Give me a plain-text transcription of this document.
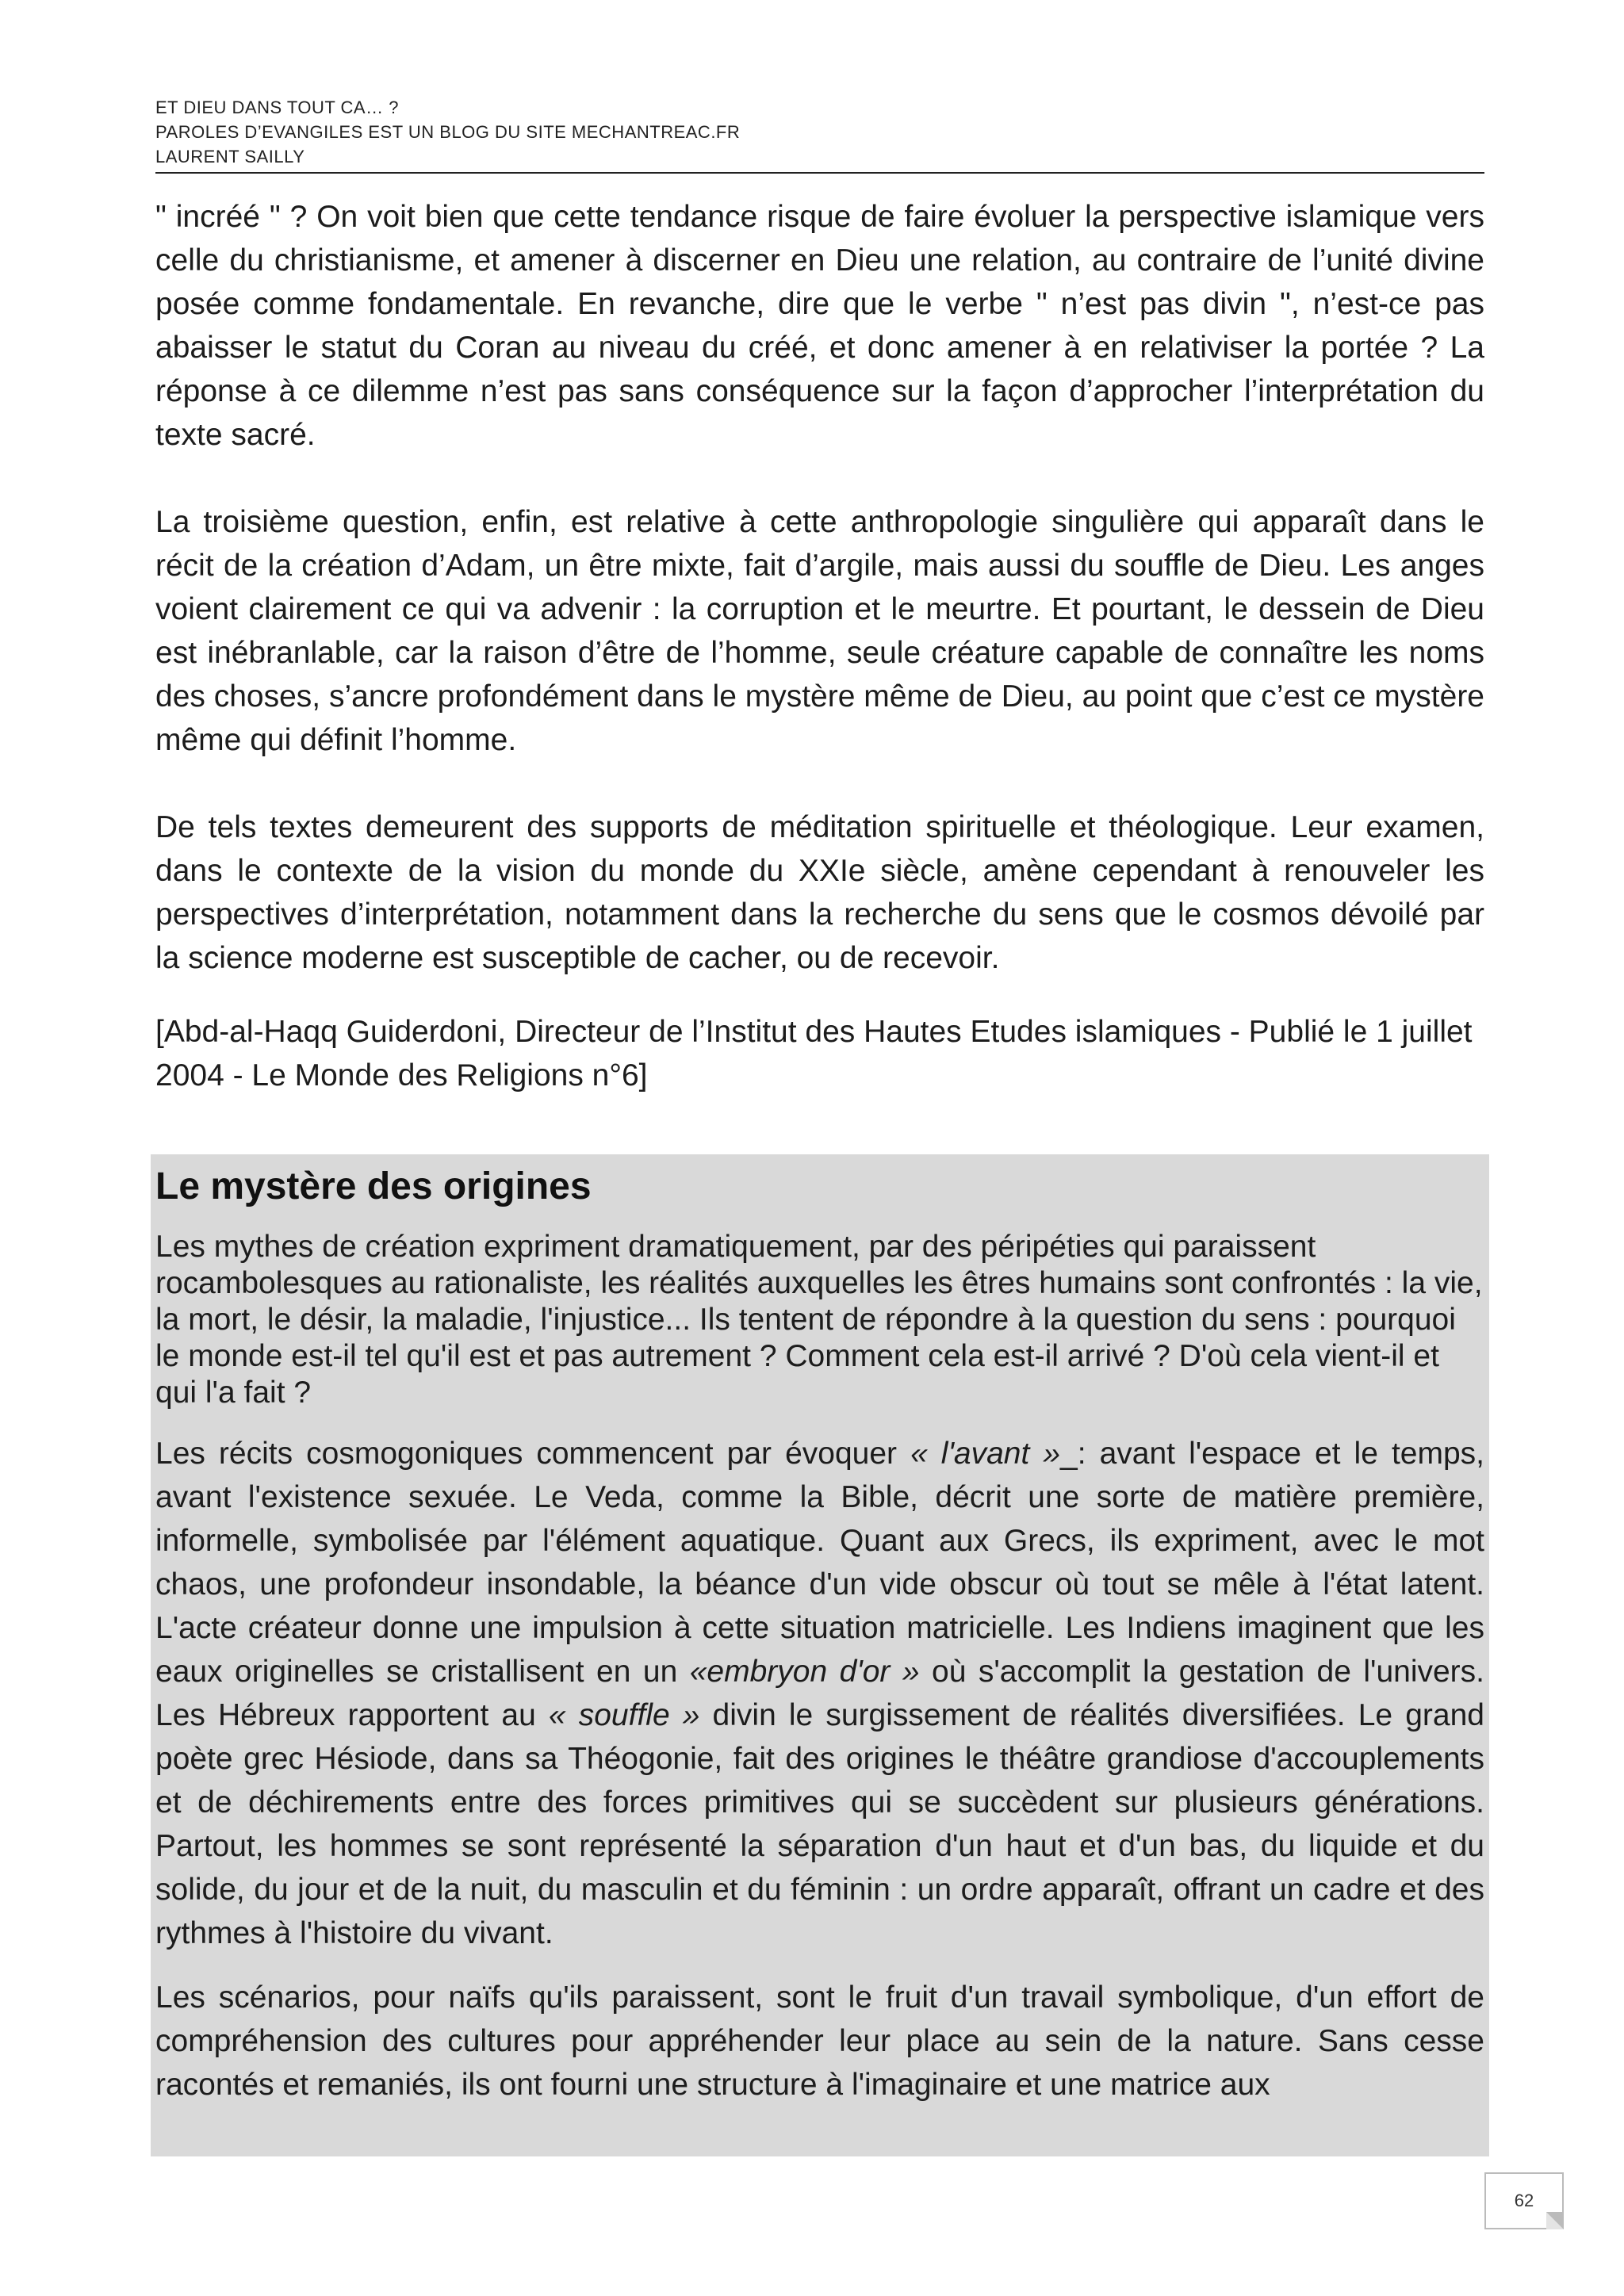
ET DIEU DANS TOUT CA… ?
PAROLES D’EVANGILES EST UN BLOG DU SITE MECHANTREAC.FR
LAURENT SAILLY

" incréé " ? On voit bien que cette tendance risque de faire évoluer la perspective islamique vers celle du christianisme, et amener à discerner en Dieu une relation, au contraire de l’unité divine posée comme fondamentale. En revanche, dire que le verbe " n’est pas divin ", n’est-ce pas abaisser le statut du Coran au niveau du créé, et donc amener à en relativiser la portée ? La réponse à ce dilemme n’est pas sans conséquence sur la façon d’approcher l’interprétation du texte sacré.

La troisième question, enfin, est relative à cette anthropologie singulière qui apparaît dans le récit de la création d’Adam, un être mixte, fait d’argile, mais aussi du souffle de Dieu. Les anges voient clairement ce qui va advenir : la corruption et le meurtre. Et pourtant, le dessein de Dieu est inébranlable, car la raison d’être de l’homme, seule créature capable de connaître les noms des choses, s’ancre profondément dans le mystère même de Dieu, au point que c’est ce mystère même qui définit l’homme.

De tels textes demeurent des supports de méditation spirituelle et théologique. Leur examen, dans le contexte de la vision du monde du XXIe siècle, amène cependant à renouveler les perspectives d’interprétation, notamment dans la recherche du sens que le cosmos dévoilé par la science moderne est susceptible de cacher, ou de recevoir.

[Abd-al-Haqq Guiderdoni, Directeur de l’Institut des Hautes Etudes islamiques - Publié le 1 juillet 2004 - Le Monde des Religions n°6]

Le mystère des origines

Les mythes de création expriment dramatiquement, par des péripéties qui paraissent rocambolesques au rationaliste, les réalités auxquelles les êtres humains sont confrontés : la vie, la mort, le désir, la maladie, l'injustice... Ils tentent de répondre à la question du sens : pourquoi le monde est-il tel qu'il est et pas autrement ? Comment cela est-il arrivé ? D'où cela vient-il et qui l'a fait ?

Les récits cosmogoniques commencent par évoquer « l'avant »_: avant l'espace et le temps, avant l'existence sexuée. Le Veda, comme la Bible, décrit une sorte de matière première, informelle, symbolisée par l'élément aquatique. Quant aux Grecs, ils expriment, avec le mot chaos, une profondeur insondable, la béance d'un vide obscur où tout se mêle à l'état latent. L'acte créateur donne une impulsion à cette situation matricielle. Les Indiens imaginent que les eaux originelles se cristallisent en un «embryon d'or » où s'accomplit la gestation de l'univers. Les Hébreux rapportent au « souffle » divin le surgissement de réalités diversifiées. Le grand poète grec Hésiode, dans sa Théogonie, fait des origines le théâtre grandiose d'accouplements et de déchirements entre des forces primitives qui se succèdent sur plusieurs générations. Partout, les hommes se sont représenté la séparation d'un haut et d'un bas, du liquide et du solide, du jour et de la nuit, du masculin et du féminin : un ordre apparaît, offrant un cadre et des rythmes à l'histoire du vivant.

Les scénarios, pour naïfs qu'ils paraissent, sont le fruit d'un travail symbolique, d'un effort de compréhension des cultures pour appréhender leur place au sein de la nature. Sans cesse racontés et remaniés, ils ont fourni une structure à l'imaginaire et une matrice aux

62
